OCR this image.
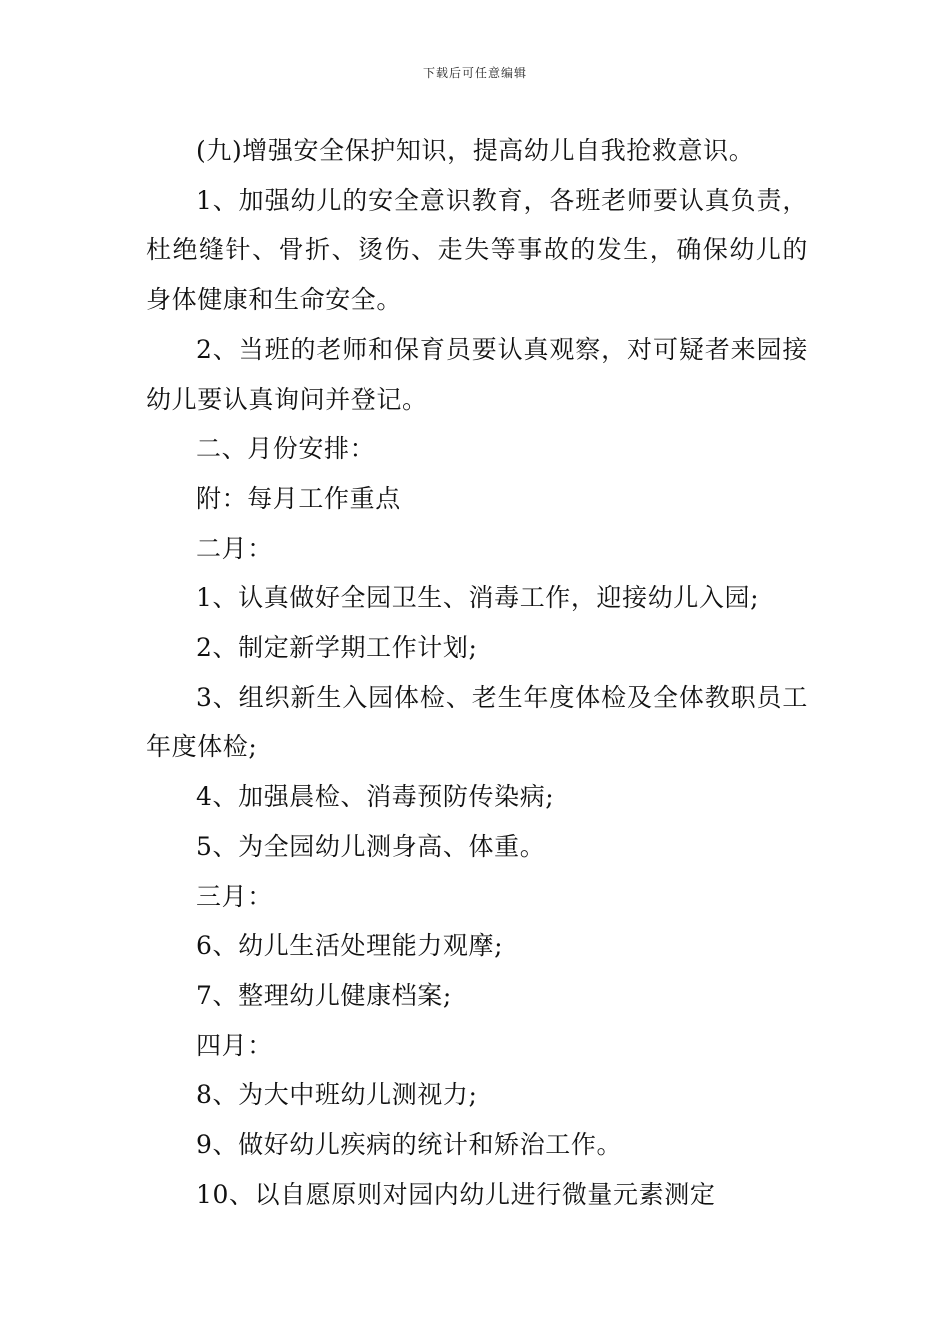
下载后可任意编辑

(九)增强安全保护知识，提高幼儿自我抢救意识。

1、加强幼儿的安全意识教育，各班老师要认真负责，杜绝缝针、骨折、烫伤、走失等事故的发生，确保幼儿的身体健康和生命安全。

2、当班的老师和保育员要认真观察，对可疑者来园接幼儿要认真询问并登记。

二、月份安排：

附：每月工作重点

二月：

1、认真做好全园卫生、消毒工作，迎接幼儿入园;

2、制定新学期工作计划;

3、组织新生入园体检、老生年度体检及全体教职员工年度体检;

4、加强晨检、消毒预防传染病;

5、为全园幼儿测身高、体重。

三月：

6、幼儿生活处理能力观摩;

7、整理幼儿健康档案;

四月：

8、为大中班幼儿测视力;

9、做好幼儿疾病的统计和矫治工作。

10、以自愿原则对园内幼儿进行微量元素测定
